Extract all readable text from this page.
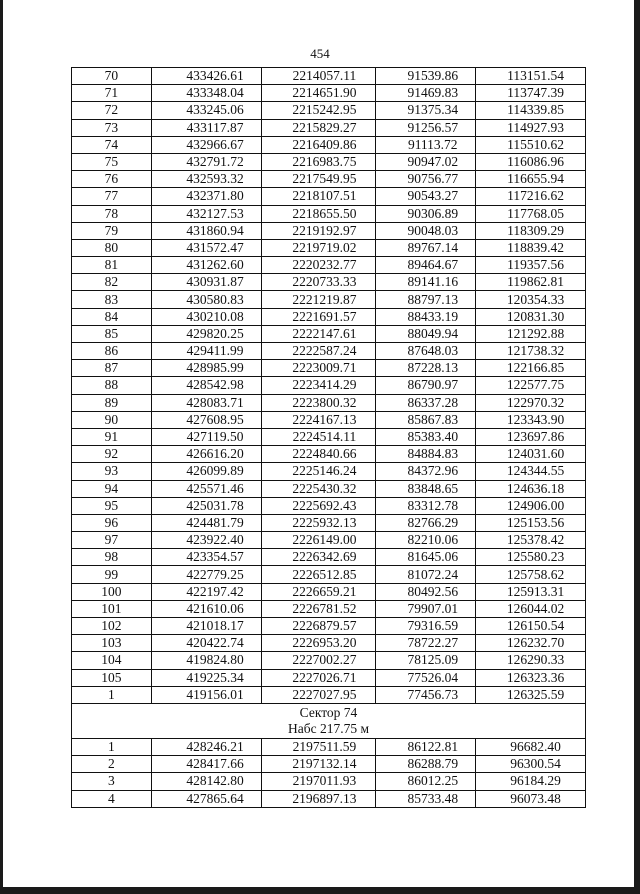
454
70	433426.61	2214057.11	91539.86	113151.54
71	433348.04	2214651.90	91469.83	113747.39
72	433245.06	2215242.95	91375.34	114339.85
73	433117.87	2215829.27	91256.57	114927.93
74	432966.67	2216409.86	91113.72	115510.62
75	432791.72	2216983.75	90947.02	116086.96
76	432593.32	2217549.95	90756.77	116655.94
77	432371.80	2218107.51	90543.27	117216.62
78	432127.53	2218655.50	90306.89	117768.05
79	431860.94	2219192.97	90048.03	118309.29
80	431572.47	2219719.02	89767.14	118839.42
81	431262.60	2220232.77	89464.67	119357.56
82	430931.87	2220733.33	89141.16	119862.81
83	430580.83	2221219.87	88797.13	120354.33
84	430210.08	2221691.57	88433.19	120831.30
85	429820.25	2222147.61	88049.94	121292.88
86	429411.99	2222587.24	87648.03	121738.32
87	428985.99	2223009.71	87228.13	122166.85
88	428542.98	2223414.29	86790.97	122577.75
89	428083.71	2223800.32	86337.28	122970.32
90	427608.95	2224167.13	85867.83	123343.90
91	427119.50	2224514.11	85383.40	123697.86
92	426616.20	2224840.66	84884.83	124031.60
93	426099.89	2225146.24	84372.96	124344.55
94	425571.46	2225430.32	83848.65	124636.18
95	425031.78	2225692.43	83312.78	124906.00
96	424481.79	2225932.13	82766.29	125153.56
97	423922.40	2226149.00	82210.06	125378.42
98	423354.57	2226342.69	81645.06	125580.23
99	422779.25	2226512.85	81072.24	125758.62
100	422197.42	2226659.21	80492.56	125913.31
101	421610.06	2226781.52	79907.01	126044.02
102	421018.17	2226879.57	79316.59	126150.54
103	420422.74	2226953.20	78722.27	126232.70
104	419824.80	2227002.27	78125.09	126290.33
105	419225.34	2227026.71	77526.04	126323.36
1	419156.01	2227027.95	77456.73	126325.59

Сектор 74
Набс 217.75 м				

1	428246.21	2197511.59	86122.81	96682.40
2	428417.66	2197132.14	86288.79	96300.54
3	428142.80	2197011.93	86012.25	96184.29
4	427865.64	2196897.13	85733.48	96073.48
